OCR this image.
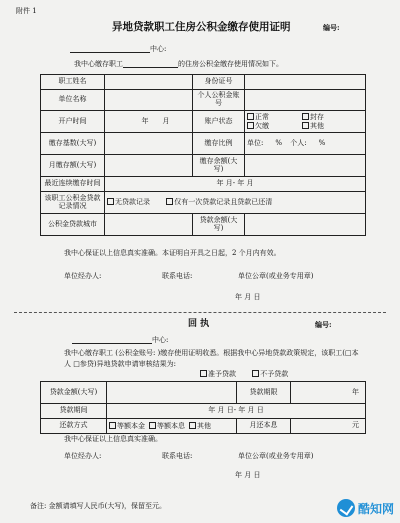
附件 1
异地贷款职工住房公积金缴存使用证明	编号:
中心:
我中心缴存职工	的住房公积金缴存使用情况如下。
职工姓名		身份证号	
单位名称		个人公积金账号	
开户时间	年 月	账户状态	正常 封存
欠缴 其他

缴存基数(大写)		缴存比例	单位: % 个人: %
月缴存额(大写)		缴存余额(大写)	
最近连续缴存时间	年 月- 年 月		
该职工公积金贷款记录情况	无贷款记录 仅有一次贷款记录且贷款已还清		
公积金贷款城市		贷款余额(大写)	
我中心保证以上信息真实准确。本证明自开具之日起，2 个月内有效。
单位经办人:	联系电话:	单位公章(或业务专用章)
年 月 日
回 执	编号:
中心:
我中心缴存职工 (公积金账号: )缴存使用证明收悉。根据我中心异地贷款政策规定，该职工(□本人 □参贷)异地贷款申请审核结果为:
准予贷款	不予贷款
贷款金额(大写)		贷款期限	年
贷款期间	年 月 日- 年 月 日		
还款方式	等额本金 等额本息 其他	月还本息	元
我中心保证以上信息真实准确。
单位经办人:	联系电话:	单位公章(或业务专用章)
年 月 日
备注: 金额请填写人民币(大写)，保留至元。	酷知网
